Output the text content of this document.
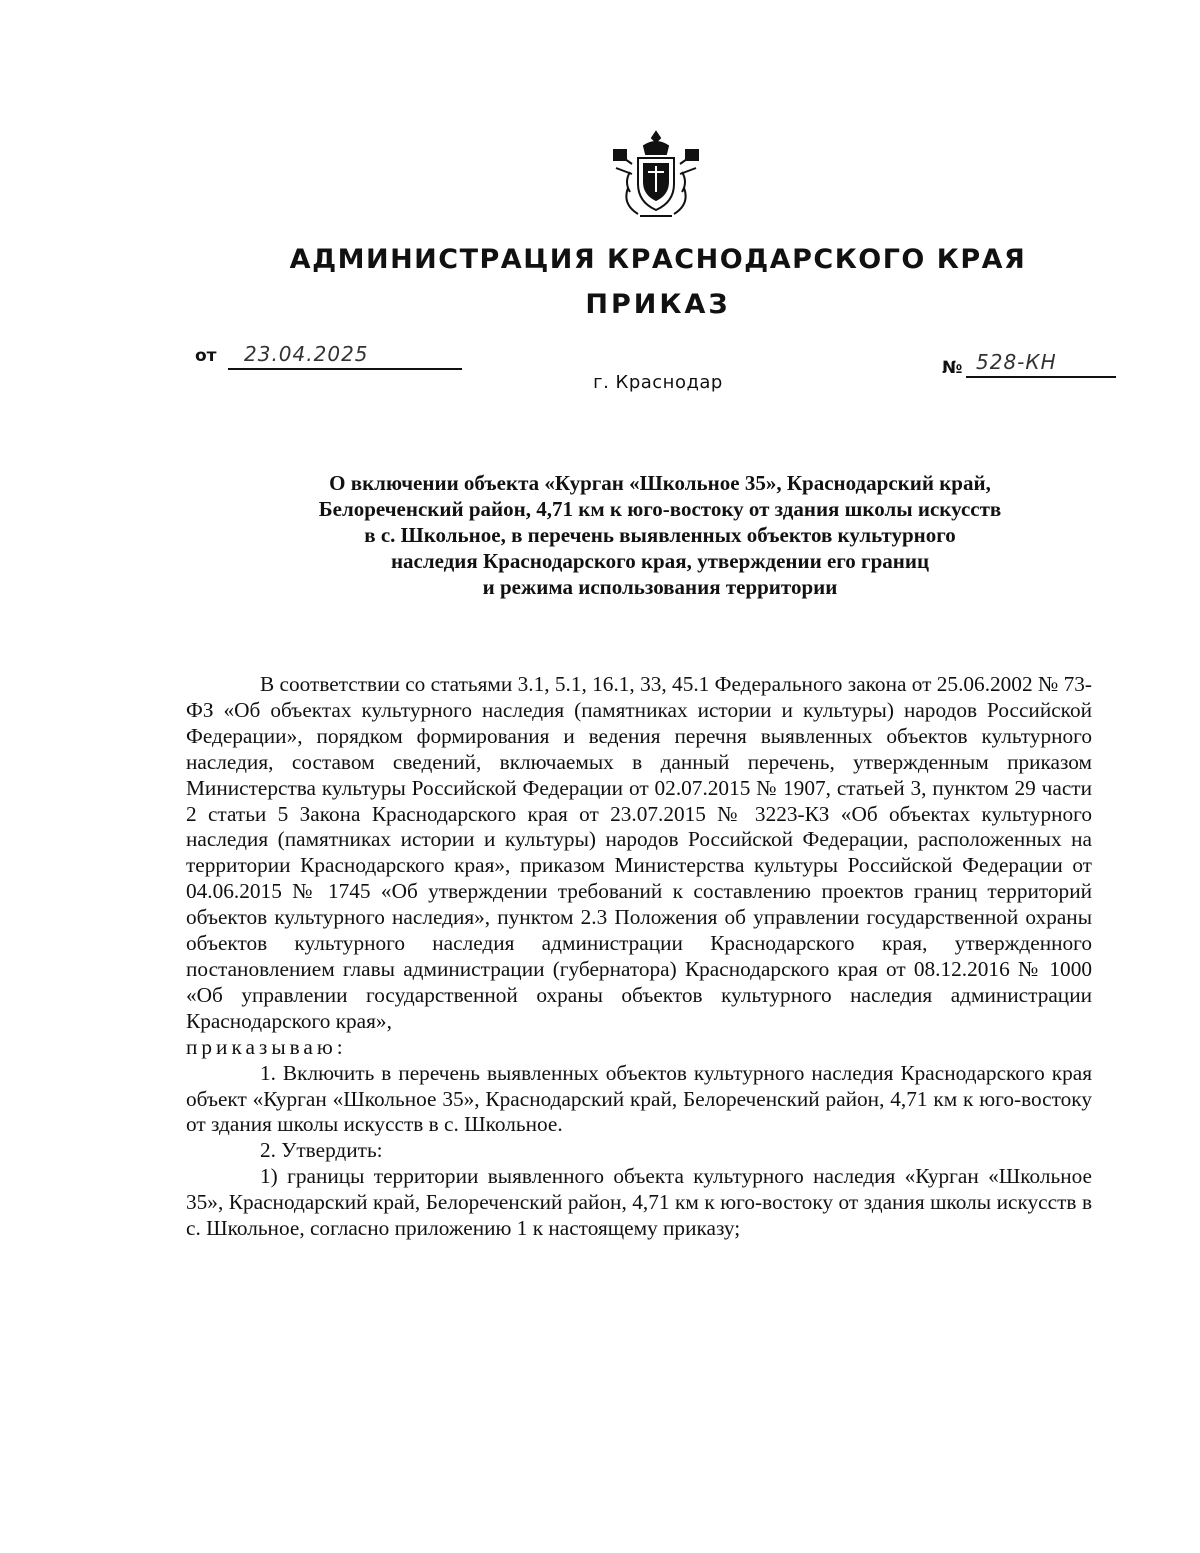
АДМИНИСТРАЦИЯ КРАСНОДАРСКОГО КРАЯ
ПРИКАЗ
от 23.04.2025
№ 528-КН
г. Краснодар
О включении объекта «Курган «Школьное 35», Краснодарский край,
Белореченский район, 4,71 км к юго-востоку от здания школы искусств
в с. Школьное, в перечень выявленных объектов культурного
наследия Краснодарского края, утверждении его границ
и режима использования территории

В соответствии со статьями 3.1, 5.1, 16.1, 33, 45.1 Федерального закона от 25.06.2002 № 73-ФЗ «Об объектах культурного наследия (памятниках истории и культуры) народов Российской Федерации», порядком формирования и ведения перечня выявленных объектов культурного наследия, составом сведений, включаемых в данный перечень, утвержденным приказом Министерства культуры Российской Федерации от 02.07.2015 № 1907, статьей 3, пунктом 29 части 2 статьи 5 Закона Краснодарского края от 23.07.2015 № 3223-КЗ «Об объектах культурного наследия (памятниках истории и культуры) народов Российской Федерации, расположенных на территории Краснодарского края», приказом Министерства культуры Российской Федерации от 04.06.2015 № 1745 «Об утверждении требований к составлению проектов границ территорий объектов культурного наследия», пунктом 2.3 Положения об управлении государственной охраны объектов культурного наследия администрации Краснодарского края, утвержденного постановлением главы администрации (губернатора) Краснодарского края от 08.12.2016 № 1000 «Об управлении государственной охраны объектов культурного наследия администрации Краснодарского края»,

приказываю:

1. Включить в перечень выявленных объектов культурного наследия Краснодарского края объект «Курган «Школьное 35», Краснодарский край, Белореченский район, 4,71 км к юго-востоку от здания школы искусств в с. Школьное.

2. Утвердить:

1) границы территории выявленного объекта культурного наследия «Курган «Школьное 35», Краснодарский край, Белореченский район, 4,71 км к юго-востоку от здания школы искусств в с. Школьное, согласно приложению 1 к настоящему приказу;
